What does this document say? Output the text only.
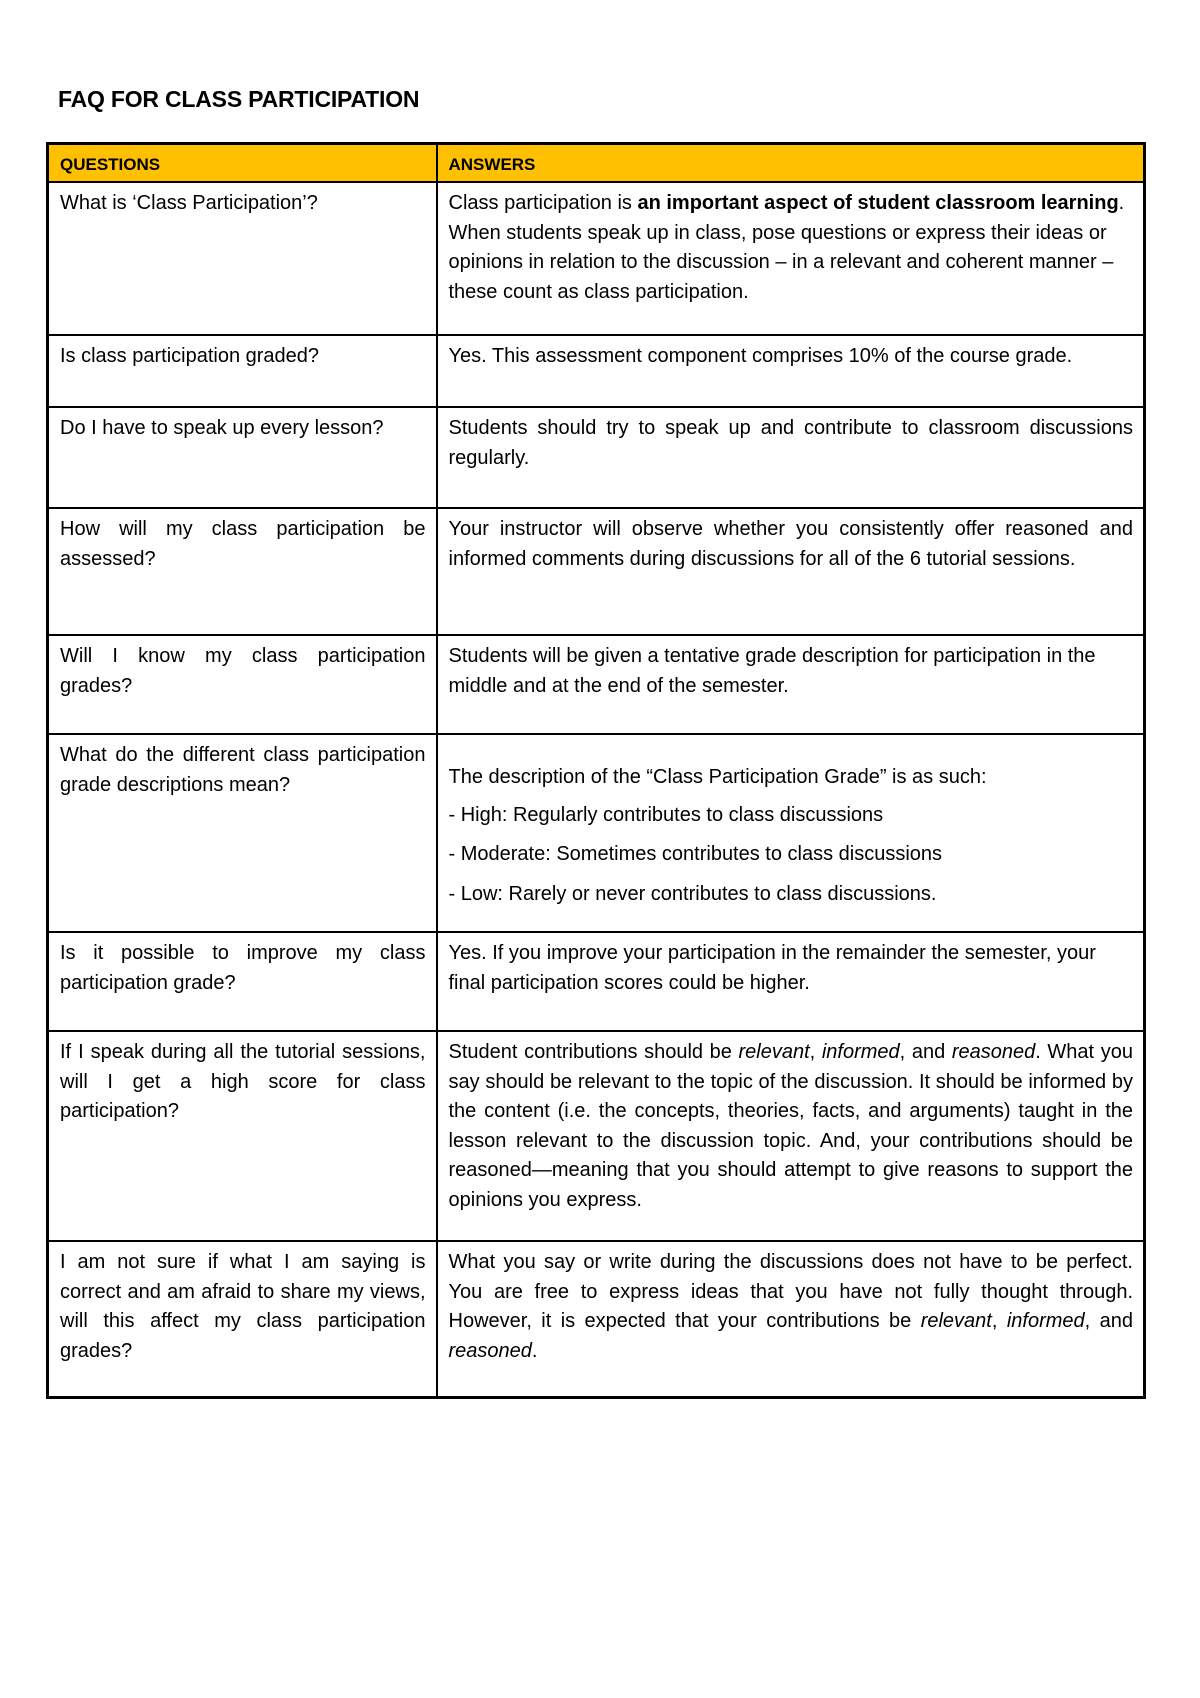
FAQ FOR CLASS PARTICIPATION
QUESTIONS	ANSWERS
What is ‘Class Participation’?	Class participation is an important aspect of student classroom learning. When students speak up in class, pose questions or express their ideas or opinions in relation to the discussion – in a relevant and coherent manner – these count as class participation.
Is class participation graded?	Yes. This assessment component comprises 10% of the course grade.
Do I have to speak up every lesson?	Students should try to speak up and contribute to classroom discussions regularly.
How will my class participation be assessed?	Your instructor will observe whether you consistently offer reasoned and informed comments during discussions for all of the 6 tutorial sessions.
Will I know my class participation grades?	Students will be given a tentative grade description for participation in the middle and at the end of the semester.
What do the different class participation grade descriptions mean?	The description of the “Class Participation Grade” is as such:

- High: Regularly contributes to class discussions

- Moderate: Sometimes contributes to class discussions

- Low: Rarely or never contributes to class discussions.

Is it possible to improve my class participation grade?	Yes. If you improve your participation in the remainder the semester, your final participation scores could be higher.
If I speak during all the tutorial sessions, will I get a high score for class participation?	Student contributions should be relevant, informed, and reasoned. What you say should be relevant to the topic of the discussion. It should be informed by the content (i.e. the concepts, theories, facts, and arguments) taught in the lesson relevant to the discussion topic. And, your contributions should be reasoned—meaning that you should attempt to give reasons to support the opinions you express.
I am not sure if what I am saying is correct and am afraid to share my views, will this affect my class participation grades?	What you say or write during the discussions does not have to be perfect. You are free to express ideas that you have not fully thought through. However, it is expected that your contributions be relevant, informed, and reasoned.
